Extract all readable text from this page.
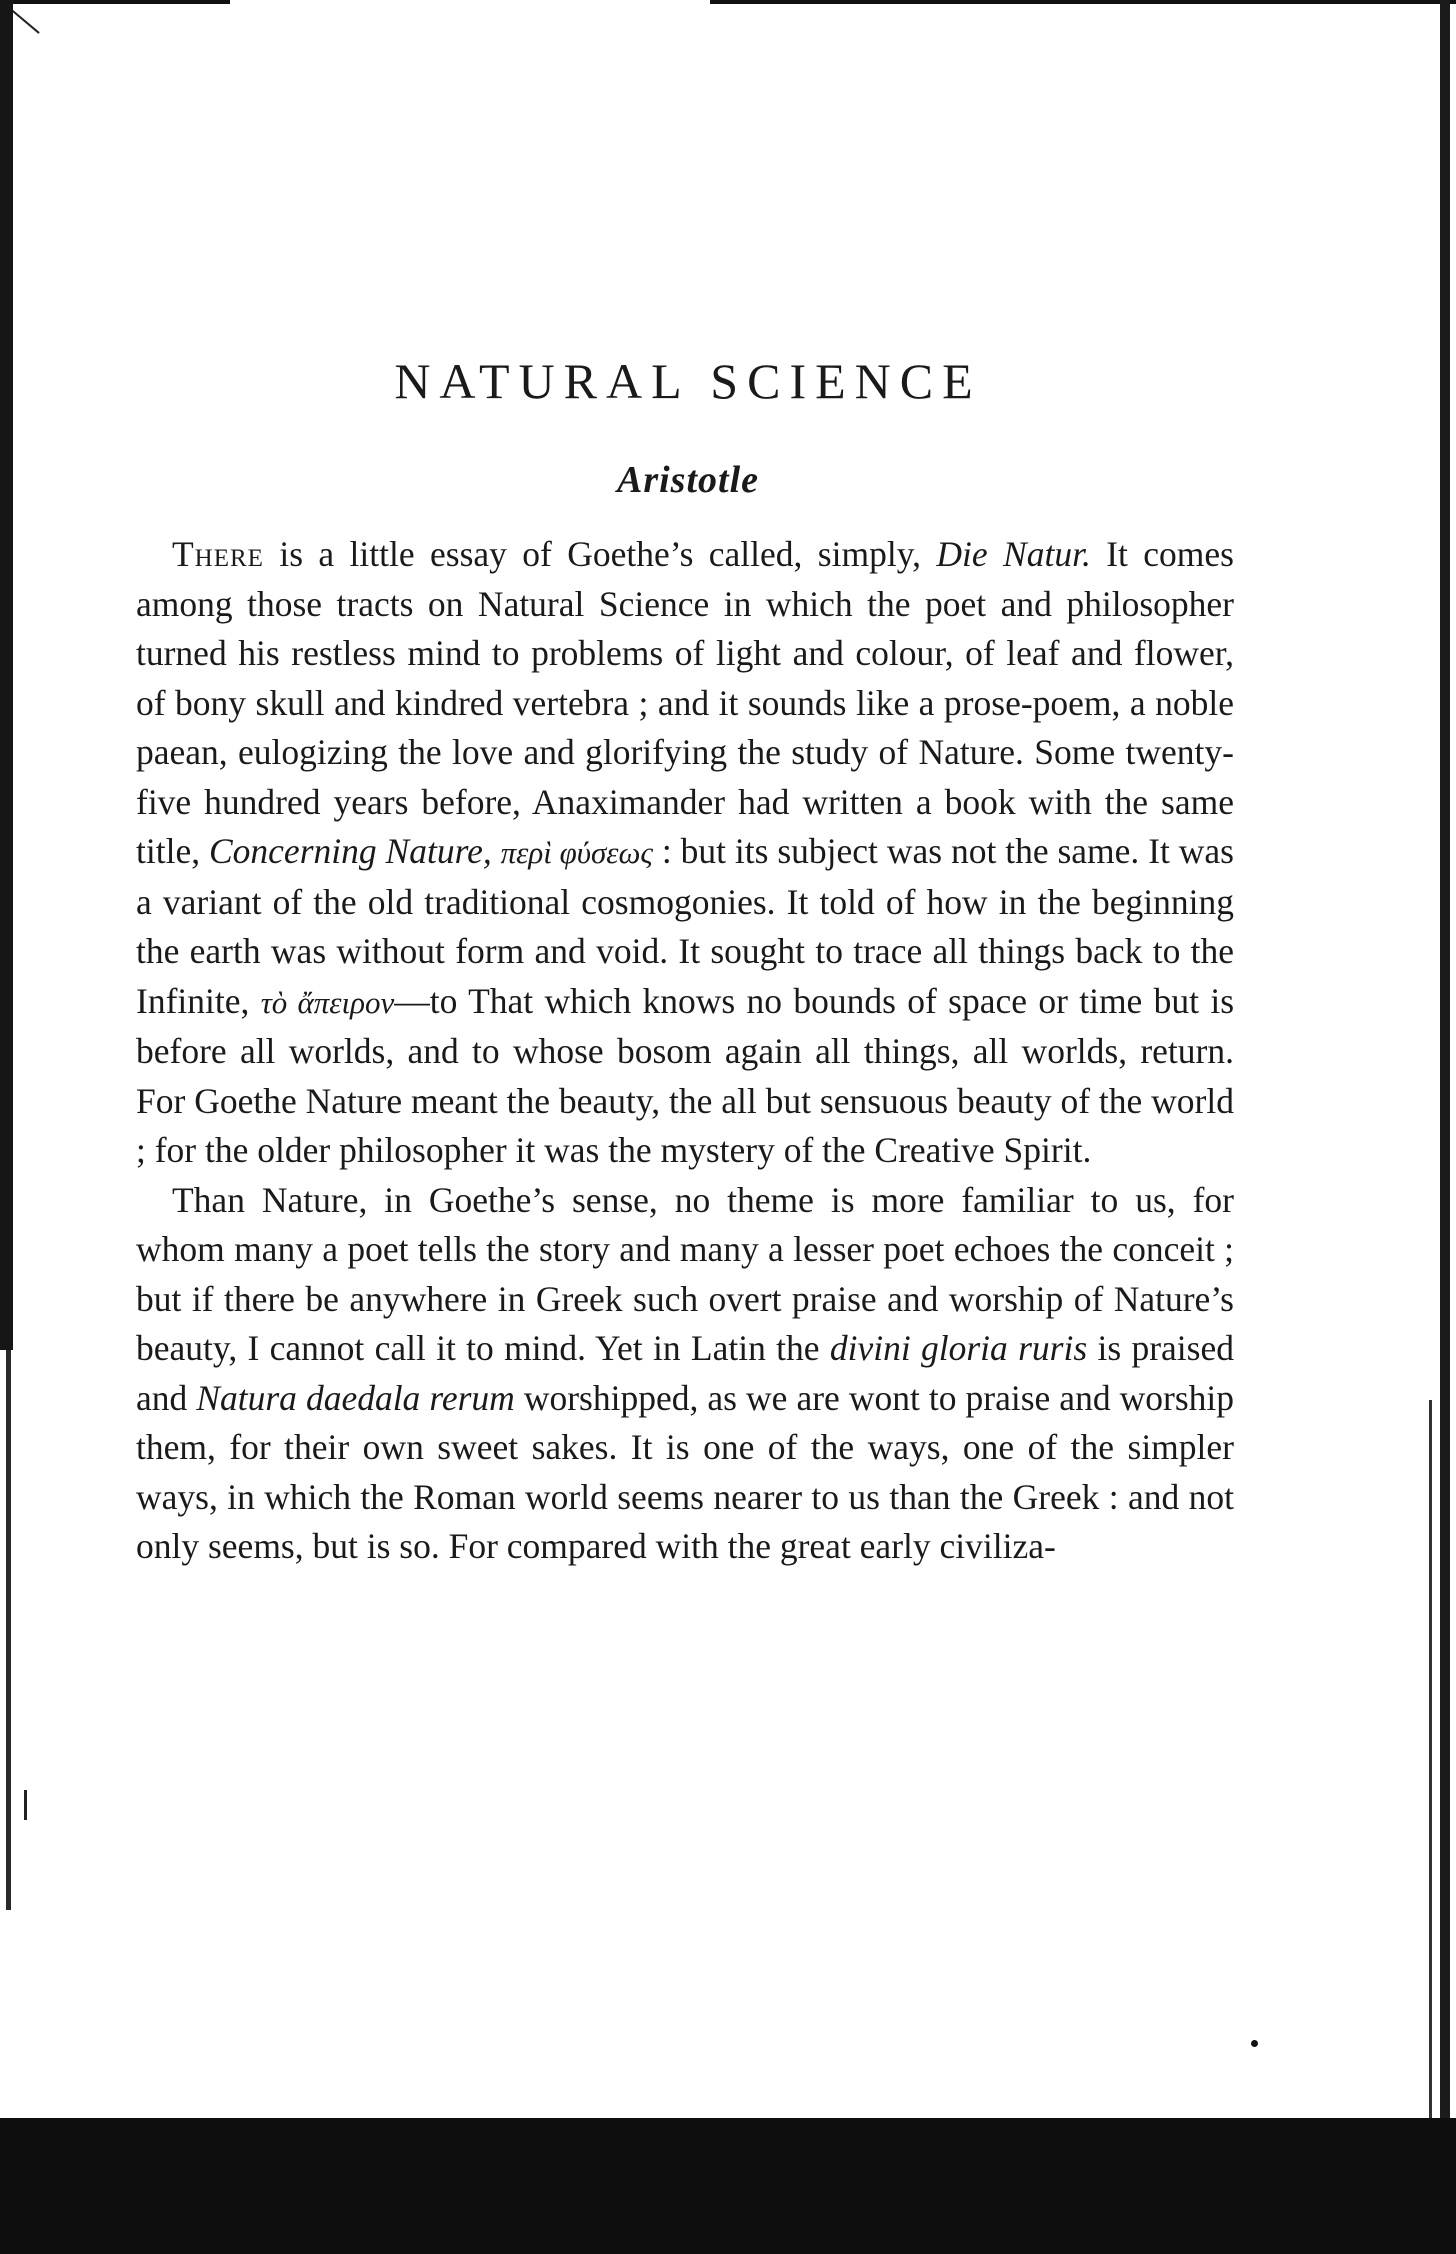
NATURAL SCIENCE
Aristotle

There is a little essay of Goethe’s called, simply, Die Natur. It comes among those tracts on Natural Science in which the poet and philosopher turned his restless mind to problems of light and colour, of leaf and flower, of bony skull and kindred vertebra ; and it sounds like a prose-poem, a noble paean, eulogizing the love and glorifying the study of Nature. Some twenty-five hundred years before, Anaximander had written a book with the same title, Concerning Nature, περὶ φύσεως : but its subject was not the same. It was a variant of the old traditional cosmogonies. It told of how in the beginning the earth was without form and void. It sought to trace all things back to the Infinite, τὸ ἄπειρον—to That which knows no bounds of space or time but is before all worlds, and to whose bosom again all things, all worlds, return. For Goethe Nature meant the beauty, the all but sensuous beauty of the world ; for the older philosopher it was the mystery of the Creative Spirit.

Than Nature, in Goethe’s sense, no theme is more familiar to us, for whom many a poet tells the story and many a lesser poet echoes the conceit ; but if there be anywhere in Greek such overt praise and worship of Nature’s beauty, I cannot call it to mind. Yet in Latin the divini gloria ruris is praised and Natura daedala rerum worshipped, as we are wont to praise and worship them, for their own sweet sakes. It is one of the ways, one of the simpler ways, in which the Roman world seems nearer to us than the Greek : and not only seems, but is so. For compared with the great early civiliza-
